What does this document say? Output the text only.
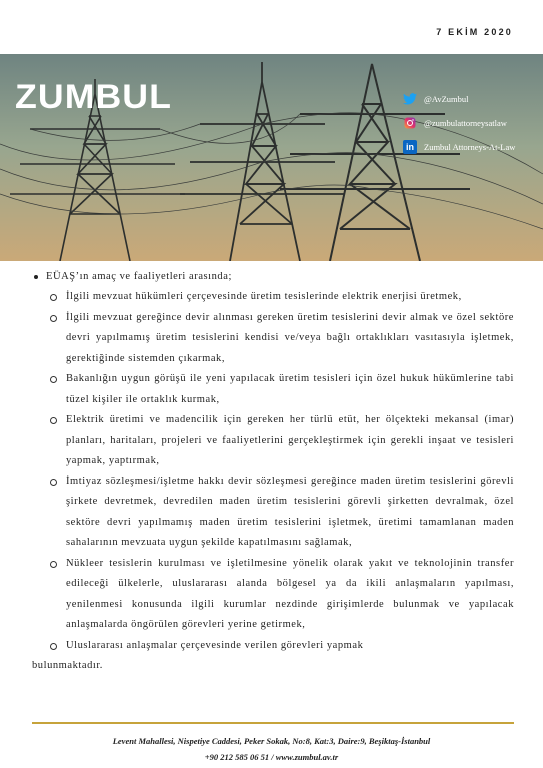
7 EKİM 2020
ZUMBUL	@AvZumbul
@zumbulattorneysatlaw
in	Zumbul Attorneys-At-Law
EÜAŞ’ın amaç ve faaliyetleri arasında;
İlgili mevzuat hükümleri çerçevesinde üretim tesislerinde elektrik enerjisi üretmek,
İlgili mevzuat gereğince devir alınması gereken üretim tesislerini devir almak ve özel sektöre devri yapılmamış üretim tesislerini kendisi ve/veya bağlı ortaklıkları vasıtasıyla işletmek, gerektiğinde sistemden çıkarmak,
Bakanlığın uygun görüşü ile yeni yapılacak üretim tesisleri için özel hukuk hükümlerine tabi tüzel kişiler ile ortaklık kurmak,
Elektrik üretimi ve madencilik için gereken her türlü etüt, her ölçekteki mekansal (imar) planları, haritaları, projeleri ve faaliyetlerini gerçekleştirmek için gerekli inşaat ve tesisleri yapmak, yaptırmak,
İmtiyaz sözleşmesi/işletme hakkı devir sözleşmesi gereğince maden üretim tesislerini görevli şirkete devretmek, devredilen maden üretim tesislerini görevli şirketten devralmak, özel sektöre devri yapılmamış maden üretim tesislerini işletmek, üretimi tamamlanan maden sahalarının mevzuata uygun şekilde kapatılmasını sağlamak,
Nükleer tesislerin kurulması ve işletilmesine yönelik olarak yakıt ve teknolojinin transfer edileceği ülkelerle, uluslararası alanda bölgesel ya da ikili anlaşmaların yapılması, yenilenmesi konusunda ilgili kurumlar nezdinde girişimlerde bulunmak ve yapılacak anlaşmalarda öngörülen görevleri yerine getirmek,
Uluslararası anlaşmalar çerçevesinde verilen görevleri yapmak
bulunmaktadır.
Levent Mahallesi, Nispetiye Caddesi, Peker Sokak, No:8, Kat:3, Daire:9, Beşiktaş-İstanbul
+90 212 585 06 51 / www.zumbul.av.tr
